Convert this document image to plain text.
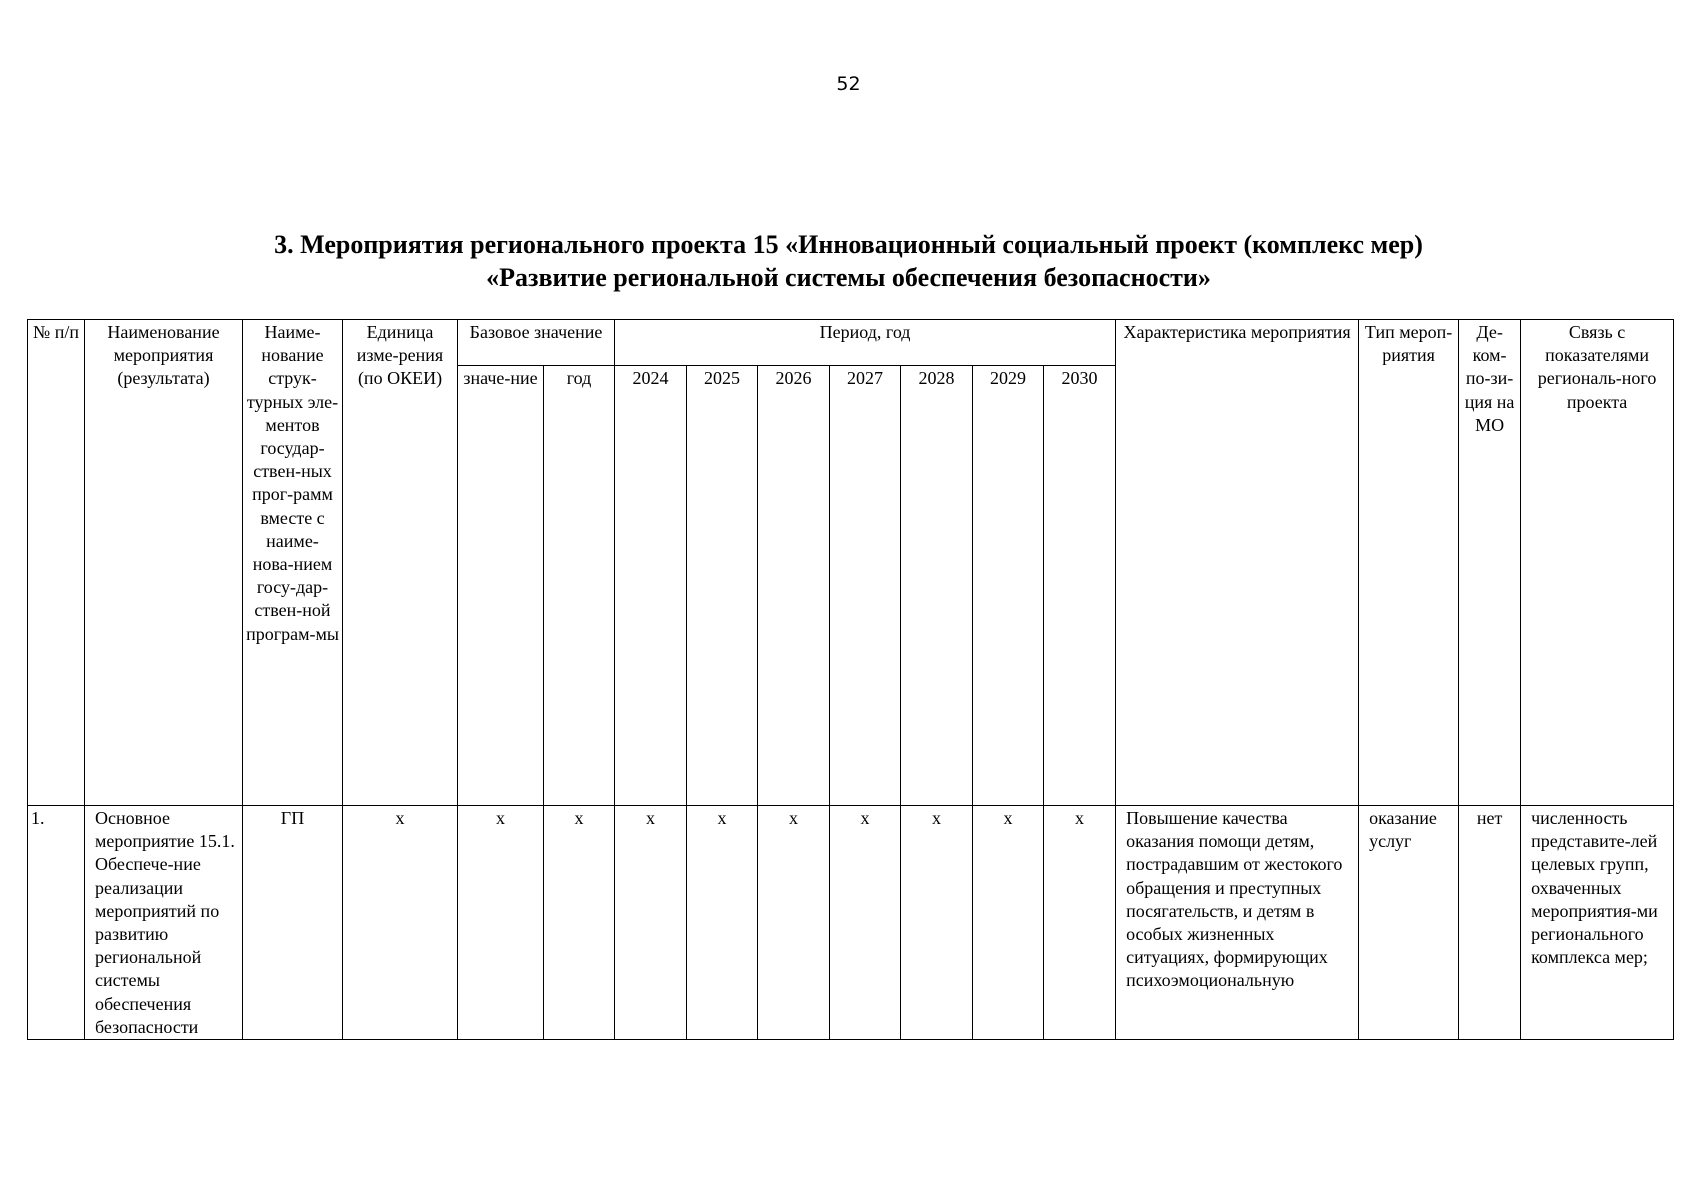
52
3. Мероприятия регионального проекта 15 «Инновационный социальный проект (комплекс мер)
«Развитие региональной системы обеспечения безопасности»
№ п/п	Наименование мероприятия (результата)	Наиме-нование струк-турных эле-ментов государ-ствен-ных прог-рамм вместе с наиме-нова-нием госу-дар-ствен-ной програм-мы	Единица изме-рения (по ОКЕИ)	Базовое значение		Период, год							Характеристика мероприятия	Тип мероп-риятия	Де-ком-по-зи-ция на МО	Связь с показателями региональ-ного проекта
				значе-ние	год	2024	2025	2026	2027	2028	2029	2030				
1.	Основное мероприятие 15.1. Обеспече-ние реализации мероприятий по развитию региональной системы обеспечения безопасности	ГП	х	х	х	х	х	х	х	х	х	х	Повышение качества оказания помощи детям, пострадавшим от жестокого обращения и преступных посягательств, и детям в особых жизненных ситуациях, формирующих психоэмоциональную	оказание услуг	нет	численность представите-лей целевых групп, охваченных мероприятия-ми регионального комплекса мер;
